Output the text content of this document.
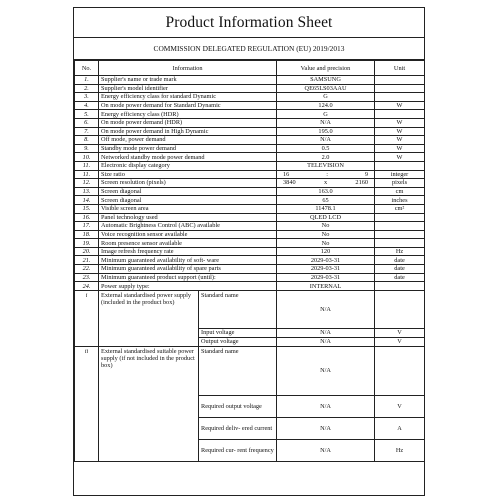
Product Information Sheet
COMMISSION DELEGATED REGULATION (EU) 2019/2013
No.	Information		Value and precision	Unit
1.	Supplier's name or trade mark		SAMSUNG	
2.	Supplier's model identifier		QE65LS03AAU	
3.	Energy efficiency class for standard Dynamic		G	
4.	On mode power demand for Standard Dynamic		124.0	W
5.	Energy efficiency class (HDR)		G	
6.	On mode power demand (HDR)		N/A	W
7.	On mode power demand in High Dynamic		195.0	W
8.	Off mode, power demand		N/A	W
9.	Standby mode power demand		0.5	W
10.	Networked standby mode power demand		2.0	W
11.	Electronic display category		TELEVISION	
11.	Size ratio		16 : 9	integer
12.	Screen resolution (pixels)		3840 x 2160	pixels
13.	Screen diagonal		163.0	cm
14.	Screen diagonal		65	inches
15.	Visible screen area		11478.1	cm²
16.	Panel technology used		QLED LCD	
17.	Automatic Brightness Control (ABC) available		No	
18.	Voice recognition sensor available		No	
19.	Room presence sensor available		No	
20.	Image refresh frequency rate		120	Hz
21.	Minimum guaranteed availability of soft- ware		2029-03-31	date
22.	Minimum guaranteed availability of spare parts		2029-03-31	date
23.	Minimum guaranteed product support (until):		2029-03-31	date
24.	Power supply type:		INTERNAL	
i	External standardised power supply (included in the product box)	Standard name	N/A	
		Input voltage	N/A	V
		Output voltage	N/A	V
ii	External standardised suitable power supply (if not included in the product box)	Standard name	N/A	
		Required output voltage	N/A	V
		Required deliv- ered current	N/A	A
		Required cur- rent frequency	N/A	Hz
